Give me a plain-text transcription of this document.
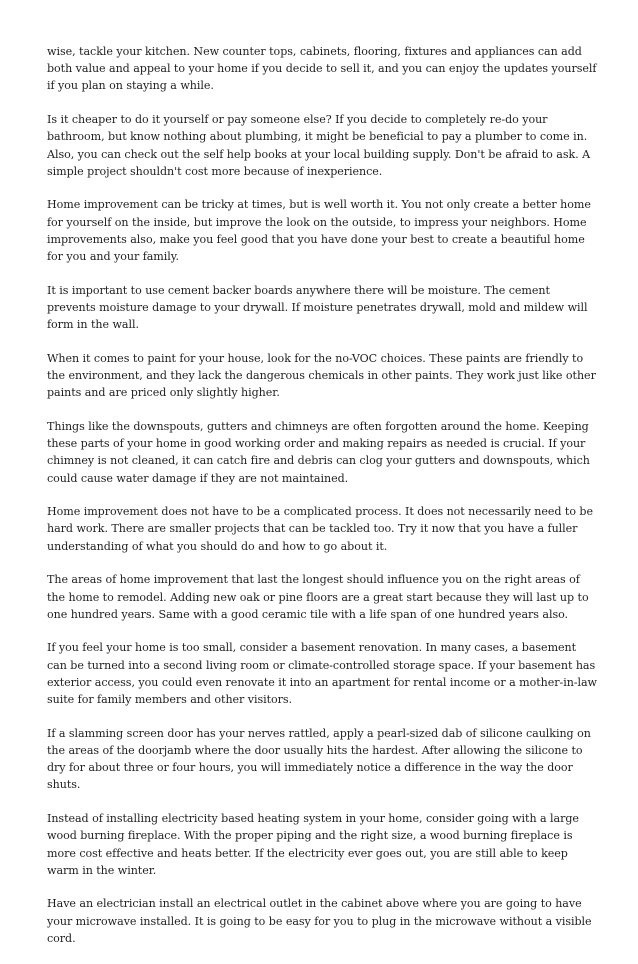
wise, tackle your kitchen. New counter tops, cabinets, flooring, fixtures and appliances can add both value and appeal to your home if you decide to sell it, and you can enjoy the updates yourself if you plan on staying a while.

Is it cheaper to do it yourself or pay someone else? If you decide to completely re-do your bathroom, but know nothing about plumbing, it might be beneficial to pay a plumber to come in. Also, you can check out the self help books at your local building supply. Don't be afraid to ask. A simple project shouldn't cost more because of inexperience.

Home improvement can be tricky at times, but is well worth it. You not only create a better home for yourself on the inside, but improve the look on the outside, to impress your neighbors. Home improvements also, make you feel good that you have done your best to create a beautiful home for you and your family.

It is important to use cement backer boards anywhere there will be moisture. The cement prevents moisture damage to your drywall. If moisture penetrates drywall, mold and mildew will form in the wall.

When it comes to paint for your house, look for the no-VOC choices. These paints are friendly to the environment, and they lack the dangerous chemicals in other paints. They work just like other paints and are priced only slightly higher.

Things like the downspouts, gutters and chimneys are often forgotten around the home. Keeping these parts of your home in good working order and making repairs as needed is crucial. If your chimney is not cleaned, it can catch fire and debris can clog your gutters and downspouts, which could cause water damage if they are not maintained.

Home improvement does not have to be a complicated process. It does not necessarily need to be hard work. There are smaller projects that can be tackled too. Try it now that you have a fuller understanding of what you should do and how to go about it.

The areas of home improvement that last the longest should influence you on the right areas of the home to remodel. Adding new oak or pine floors are a great start because they will last up to one hundred years. Same with a good ceramic tile with a life span of one hundred years also.

If you feel your home is too small, consider a basement renovation. In many cases, a basement can be turned into a second living room or climate-controlled storage space. If your basement has exterior access, you could even renovate it into an apartment for rental income or a mother-in-law suite for family members and other visitors.

If a slamming screen door has your nerves rattled, apply a pearl-sized dab of silicone caulking on the areas of the doorjamb where the door usually hits the hardest. After allowing the silicone to dry for about three or four hours, you will immediately notice a difference in the way the door shuts.

Instead of installing electricity based heating system in your home, consider going with a large wood burning fireplace. With the proper piping and the right size, a wood burning fireplace is more cost effective and heats better. If the electricity ever goes out, you are still able to keep warm in the winter.

Have an electrician install an electrical outlet in the cabinet above where you are going to have your microwave installed. It is going to be easy for you to plug in the microwave without a visible cord.
